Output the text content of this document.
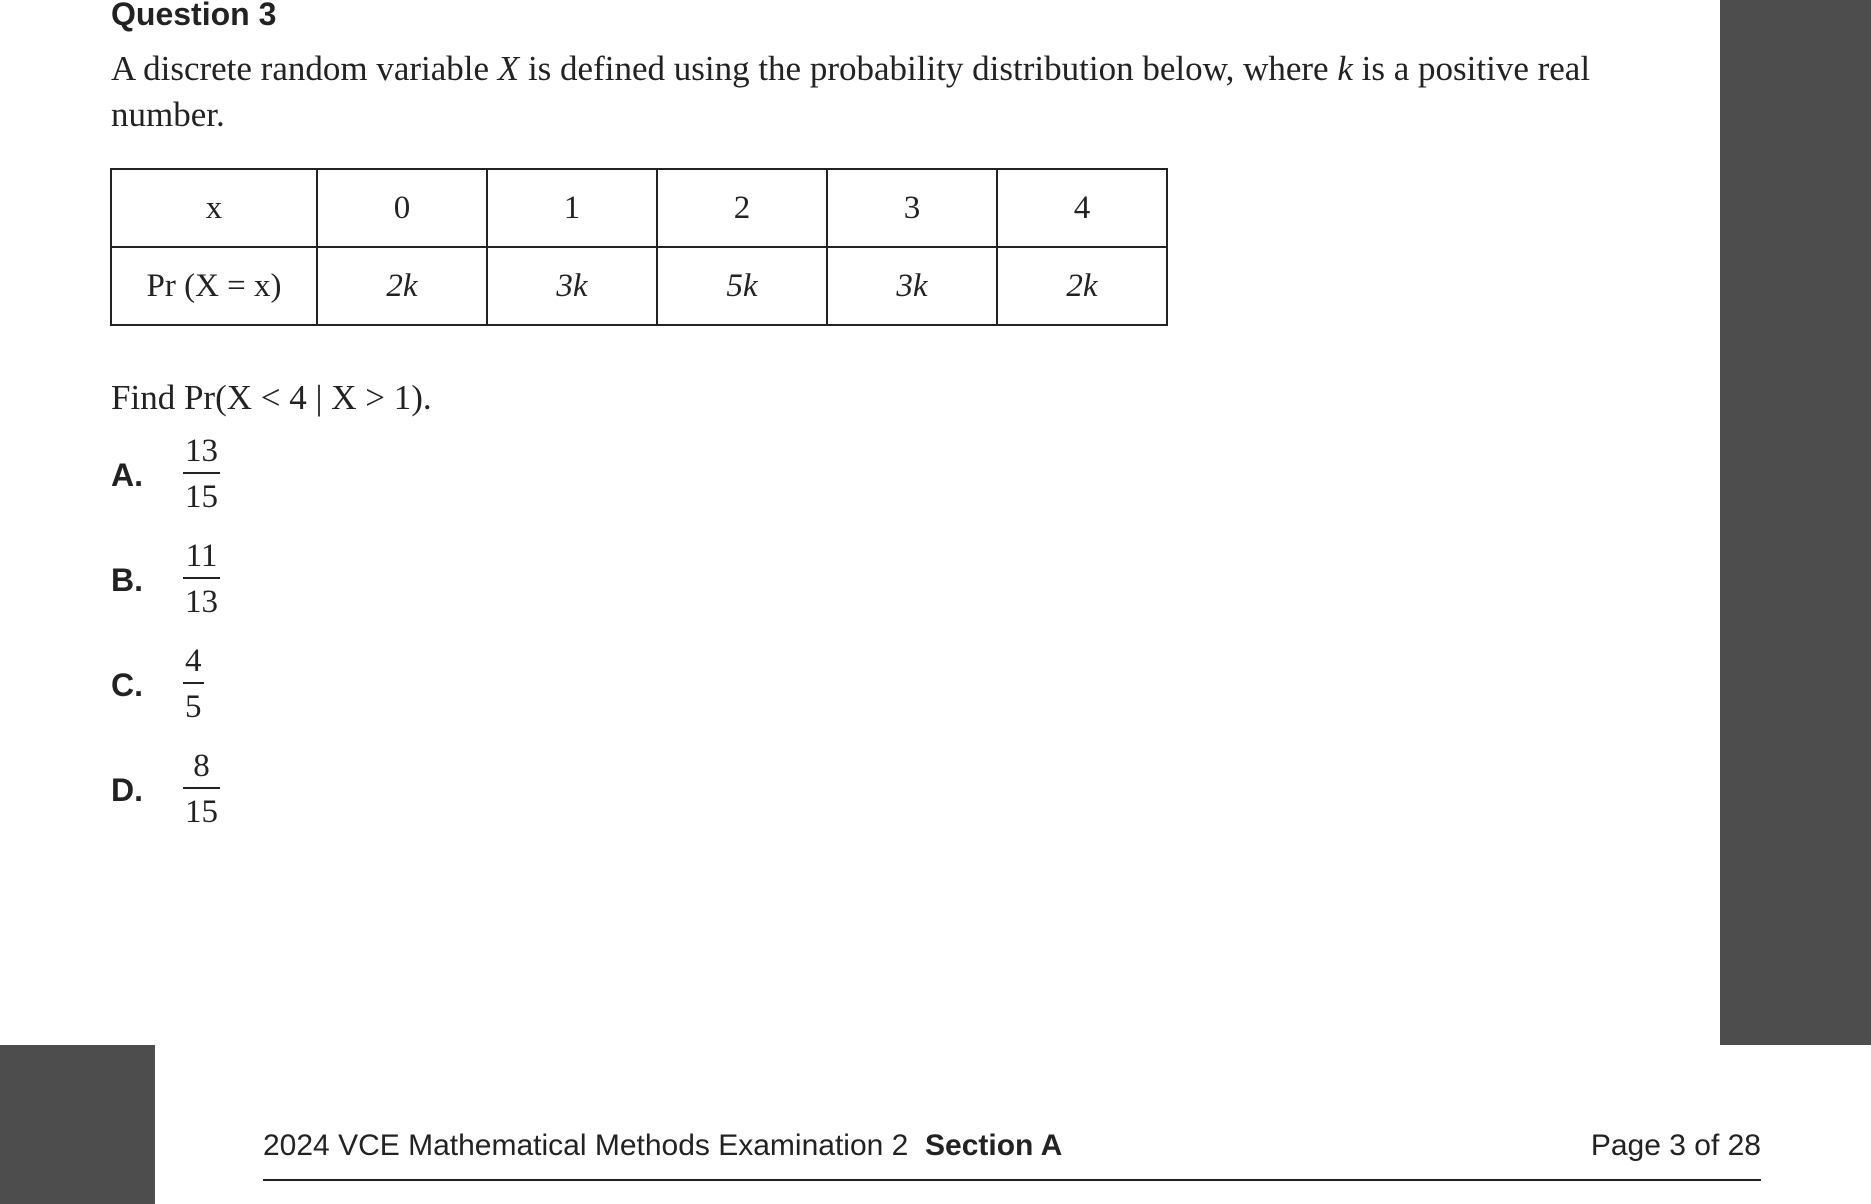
Question 3

A discrete random variable X is defined using the probability distribution below, where k is a positive real number.

x	0	1	2	3	4
Pr (X = x)	2k	3k	5k	3k	2k

Find Pr(X < 4 | X > 1).

A. $\frac{13}{15}$
B. $\frac{11}{13}$
C. $\frac{4}{5}$
D. $\frac{8}{15}$
2024 VCE Mathematical Methods Examination 2 Section A	Page 3 of 28
